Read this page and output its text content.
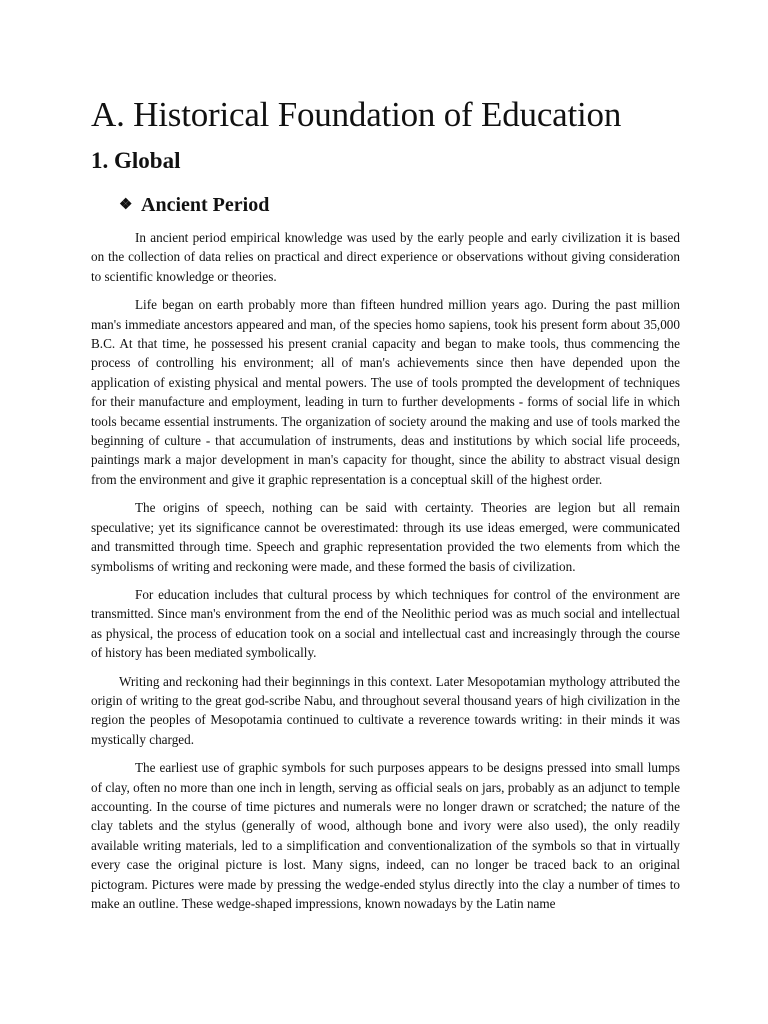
A. Historical Foundation of Education
1. Global
❖ Ancient Period

In ancient period empirical knowledge was used by the early people and early civilization it is based on the collection of data relies on practical and direct experience or observations without giving consideration to scientific knowledge or theories.

Life began on earth probably more than fifteen hundred million years ago. During the past million man's immediate ancestors appeared and man, of the species homo sapiens, took his present form about 35,000 B.C. At that time, he possessed his present cranial capacity and began to make tools, thus commencing the process of controlling his environment; all of man's achievements since then have depended upon the application of existing physical and mental powers. The use of tools prompted the development of techniques for their manufacture and employment, leading in turn to further developments - forms of social life in which tools became essential instruments. The organization of society around the making and use of tools marked the beginning of culture - that accumulation of instruments, deas and institutions by which social life proceeds, paintings mark a major development in man's capacity for thought, since the ability to abstract visual design from the environment and give it graphic representation is a conceptual skill of the highest order.

The origins of speech, nothing can be said with certainty. Theories are legion but all remain speculative; yet its significance cannot be overestimated: through its use ideas emerged, were communicated and transmitted through time. Speech and graphic representation provided the two elements from which the symbolisms of writing and reckoning were made, and these formed the basis of civilization.

For education includes that cultural process by which techniques for control of the environment are transmitted. Since man's environment from the end of the Neolithic period was as much social and intellectual as physical, the process of education took on a social and intellectual cast and increasingly through the course of history has been mediated symbolically.

Writing and reckoning had their beginnings in this context. Later Mesopotamian mythology attributed the origin of writing to the great god-scribe Nabu, and throughout several thousand years of high civilization in the region the peoples of Mesopotamia continued to cultivate a reverence towards writing: in their minds it was mystically charged.

The earliest use of graphic symbols for such purposes appears to be designs pressed into small lumps of clay, often no more than one inch in length, serving as official seals on jars, probably as an adjunct to temple accounting. In the course of time pictures and numerals were no longer drawn or scratched; the nature of the clay tablets and the stylus (generally of wood, although bone and ivory were also used), the only readily available writing materials, led to a simplification and conventionalization of the symbols so that in virtually every case the original picture is lost. Many signs, indeed, can no longer be traced back to an original pictogram. Pictures were made by pressing the wedge-ended stylus directly into the clay a number of times to make an outline. These wedge-shaped impressions, known nowadays by the Latin name
